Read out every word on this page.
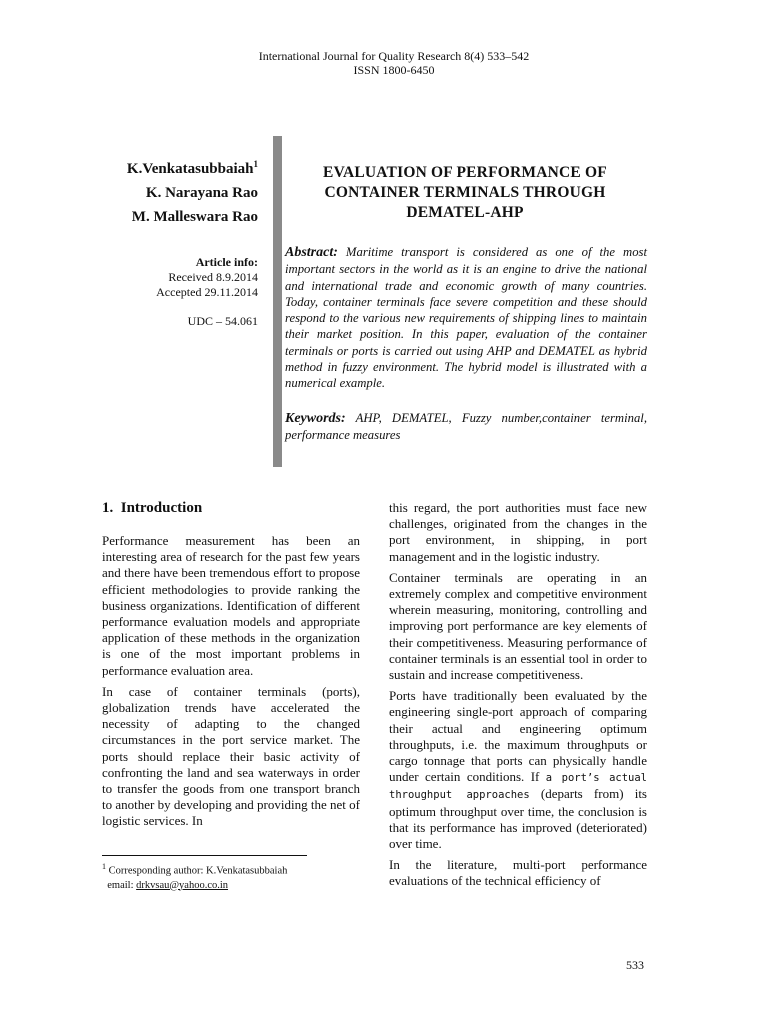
International Journal for Quality Research 8(4) 533–542
ISSN 1800-6450
K.Venkatasubbaiah$^1$
K. Narayana Rao
M. Malleswara Rao
Article info:
Received 8.9.2014
Accepted 29.11.2014
UDC – 54.061
EVALUATION OF PERFORMANCE OF
CONTAINER TERMINALS THROUGH
DEMATEL-AHP
Abstract: Maritime transport is considered as one of the most important sectors in the world as it is an engine to drive the national and international trade and economic growth of many countries. Today, container terminals face severe competition and these should respond to the various new requirements of shipping lines to maintain their market position. In this paper, evaluation of the container terminals or ports is carried out using AHP and DEMATEL as hybrid method in fuzzy environment. The hybrid model is illustrated with a numerical example.
Keywords: AHP, DEMATEL, Fuzzy number,container terminal, performance measures
1. Introduction

Performance measurement has been an interesting area of research for the past few years and there have been tremendous effort to propose efficient methodologies to provide ranking the business organizations. Identification of different performance evaluation models and appropriate application of these methods in the organization is one of the most important problems in performance evaluation area.

In case of container terminals (ports), globalization trends have accelerated the necessity of adapting to the changed circumstances in the port service market. The ports should replace their basic activity of confronting the land and sea waterways in order to transfer the goods from one transport branch to another by developing and providing the net of logistic services. In

this regard, the port authorities must face new challenges, originated from the changes in the port environment, in shipping, in port management and in the logistic industry.

Container terminals are operating in an extremely complex and competitive environment wherein measuring, monitoring, controlling and improving port performance are key elements of their competitiveness. Measuring performance of container terminals is an essential tool in order to sustain and increase competitiveness.

Ports have traditionally been evaluated by the engineering single-port approach of comparing their actual and engineering optimum throughputs, i.e. the maximum throughputs or cargo tonnage that ports can physically handle under certain conditions. If a port’s actual throughput approaches (departs from) its optimum throughput over time, the conclusion is that its performance has improved (deteriorated) over time.

In the literature, multi-port performance evaluations of the technical efficiency of

$^1$ Corresponding author: K.Venkatasubbaiah
email: drkvsau@yahoo.co.in
533
